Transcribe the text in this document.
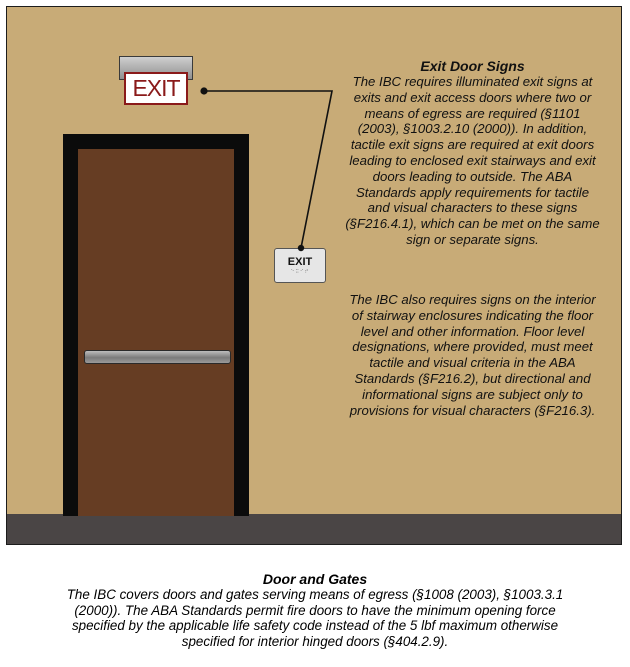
EXIT
EXIT
⠑⠭⠊⠞
Exit Door Signs

The IBC requires illuminated exit signs at exits and exit access doors where two or means of egress are required (§1101 (2003), §1003.2.10 (2000)). In addition, tactile exit signs are required at exit doors leading to enclosed exit stairways and exit doors leading to outside. The ABA Standards apply requirements for tactile and visual characters to these signs (§F216.4.1), which can be met on the same sign or separate signs.

The IBC also requires signs on the interior of stairway enclosures indicating the floor level and other information. Floor level designations, where provided, must meet tactile and visual criteria in the ABA Standards (§F216.2), but directional and informational signs are subject only to provisions for visual characters (§F216.3).

Door and Gates

The IBC covers doors and gates serving means of egress (§1008 (2003), §1003.3.1 (2000)). The ABA Standards permit fire doors to have the minimum opening force specified by the applicable life safety code instead of the 5 lbf maximum otherwise specified for interior hinged doors (§404.2.9).
